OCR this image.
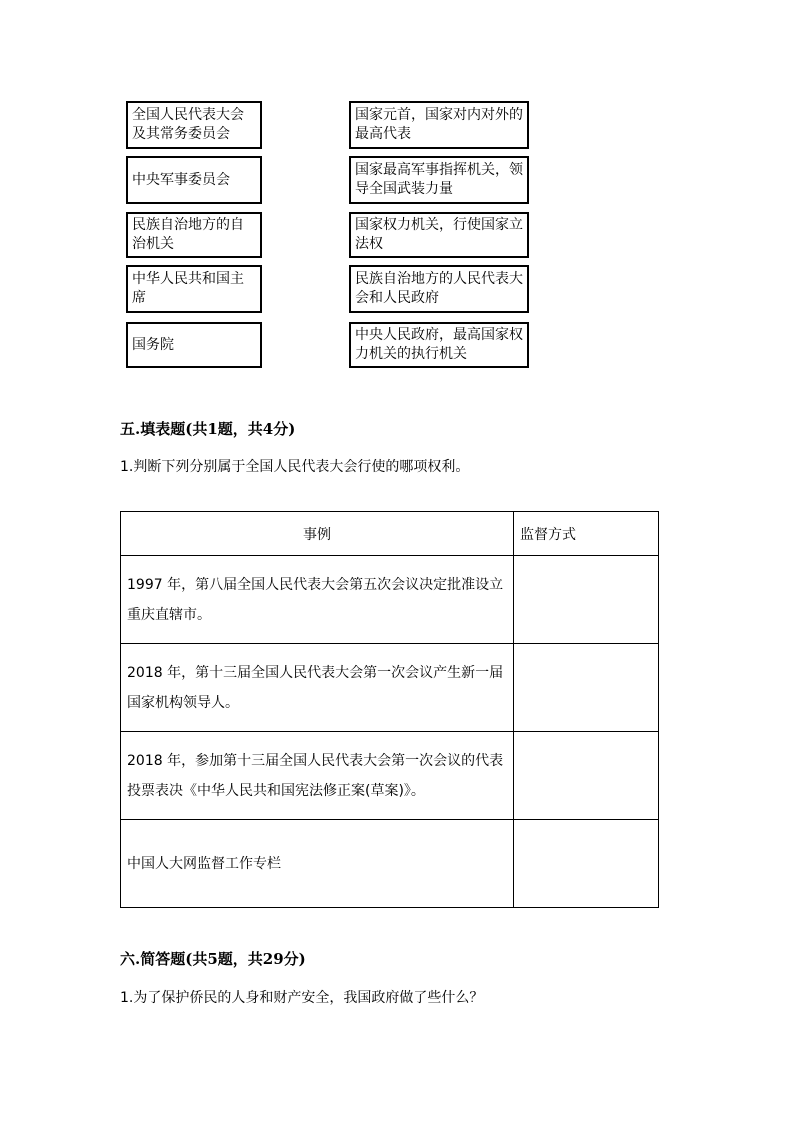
全国人民代表大会及其常务委员会
中央军事委员会
民族自治地方的自治机关
中华人民共和国主席
国务院
国家元首，国家对内对外的最高代表
国家最高军事指挥机关，领导全国武装力量
国家权力机关，行使国家立法权
民族自治地方的人民代表大会和人民政府
中央人民政府，最高国家权力机关的执行机关
五.填表题(共1题，共4分)
1.判断下列分别属于全国人民代表大会行使的哪项权利。
事例	监督方式
1997 年，第八届全国人民代表大会第五次会议决定批准设立重庆直辖市。	
2018 年，第十三届全国人民代表大会第一次会议产生新一届国家机构领导人。	
2018 年，参加第十三届全国人民代表大会第一次会议的代表投票表决《中华人民共和国宪法修正案(草案)》。	
中国人大网监督工作专栏	
六.简答题(共5题，共29分)
1.为了保护侨民的人身和财产安全，我国政府做了些什么？
